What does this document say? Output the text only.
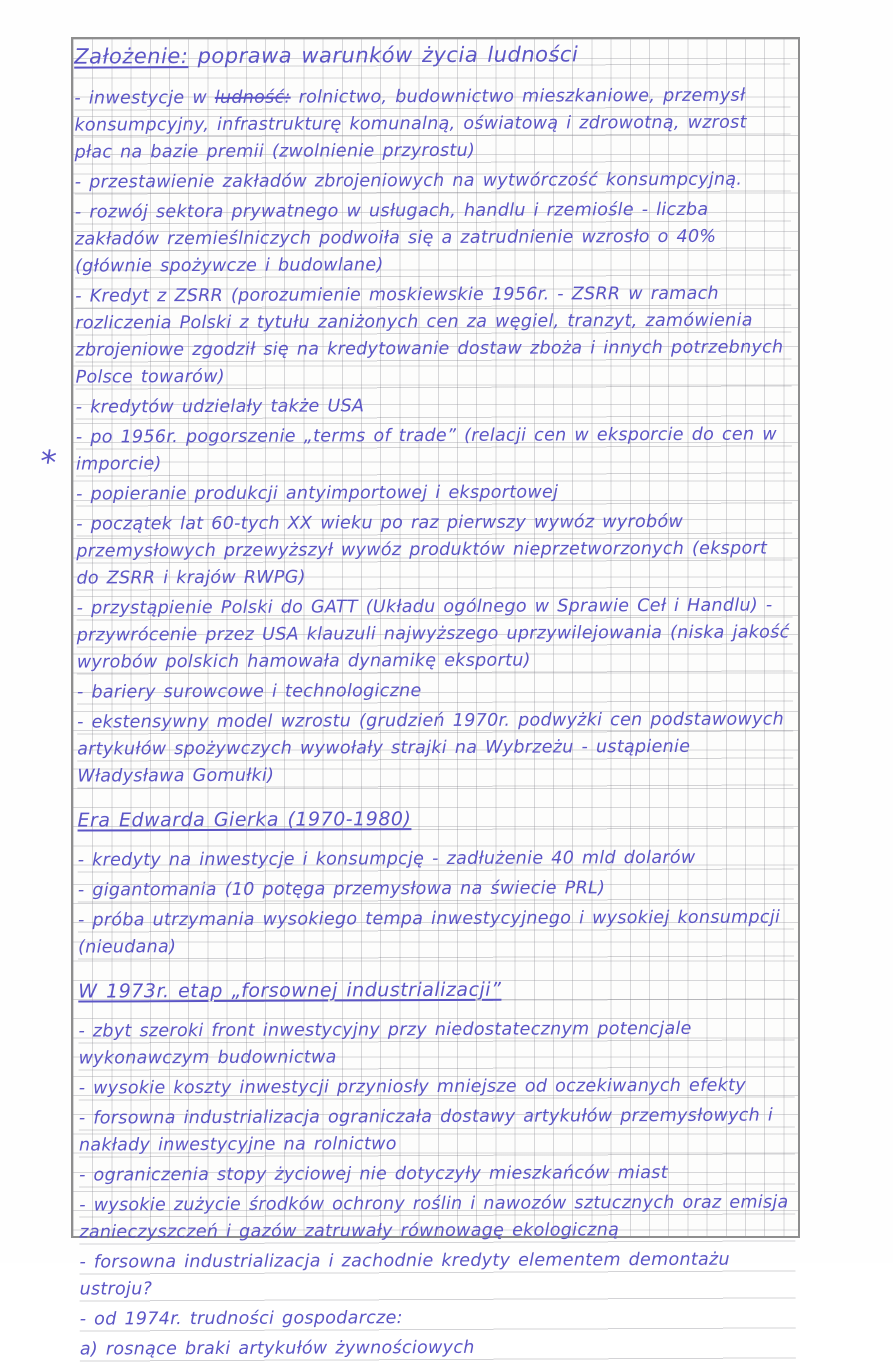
*
Założenie: poprawa warunków życia ludności

- inwestycje w ludność: rolnictwo, budownictwo mieszkaniowe, przemysł konsumpcyjny, infrastrukturę komunalną, oświatową i zdrowotną, wzrost płac na bazie premii (zwolnienie przyrostu)

- przestawienie zakładów zbrojeniowych na wytwórczość konsumpcyjną.

- rozwój sektora prywatnego w usługach, handlu i rzemiośle - liczba zakładów rzemieślniczych podwoiła się a zatrudnienie wzrosło o 40% (głównie spożywcze i budowlane)

- Kredyt z ZSRR (porozumienie moskiewskie 1956r. - ZSRR w ramach rozliczenia Polski z tytułu zaniżonych cen za węgiel, tranzyt, zamówienia zbrojeniowe zgodził się na kredytowanie dostaw zboża i innych potrzebnych Polsce towarów)

- kredytów udzielały także USA

- po 1956r. pogorszenie „terms of trade” (relacji cen w eksporcie do cen w imporcie)

- popieranie produkcji antyimportowej i eksportowej

- początek lat 60-tych XX wieku po raz pierwszy wywóz wyrobów przemysłowych przewyższył wywóz produktów nieprzetworzonych (eksport do ZSRR i krajów RWPG)

- przystąpienie Polski do GATT (Układu ogólnego w Sprawie Ceł i Handlu) - przywrócenie przez USA klauzuli najwyższego uprzywilejowania (niska jakość wyrobów polskich hamowała dynamikę eksportu)

- bariery surowcowe i technologiczne

- ekstensywny model wzrostu (grudzień 1970r. podwyżki cen podstawowych artykułów spożywczych wywołały strajki na Wybrzeżu - ustąpienie Władysława Gomułki)

Era Edwarda Gierka (1970-1980)

- kredyty na inwestycje i konsumpcję - zadłużenie 40 mld dolarów

- gigantomania (10 potęga przemysłowa na świecie PRL)

- próba utrzymania wysokiego tempa inwestycyjnego i wysokiej konsumpcji (nieudana)

W 1973r. etap „forsownej industrializacji”

- zbyt szeroki front inwestycyjny przy niedostatecznym potencjale wykonawczym budownictwa

- wysokie koszty inwestycji przyniosły mniejsze od oczekiwanych efekty

- forsowna industrializacja ograniczała dostawy artykułów przemysłowych i nakłady inwestycyjne na rolnictwo

- ograniczenia stopy życiowej nie dotyczyły mieszkańców miast

- wysokie zużycie środków ochrony roślin i nawozów sztucznych oraz emisja zanieczyszczeń i gazów zatruwały równowagę ekologiczną

- forsowna industrializacja i zachodnie kredyty elementem demontażu ustroju?

- od 1974r. trudności gospodarcze:

a) rosnące braki artykułów żywnościowych
